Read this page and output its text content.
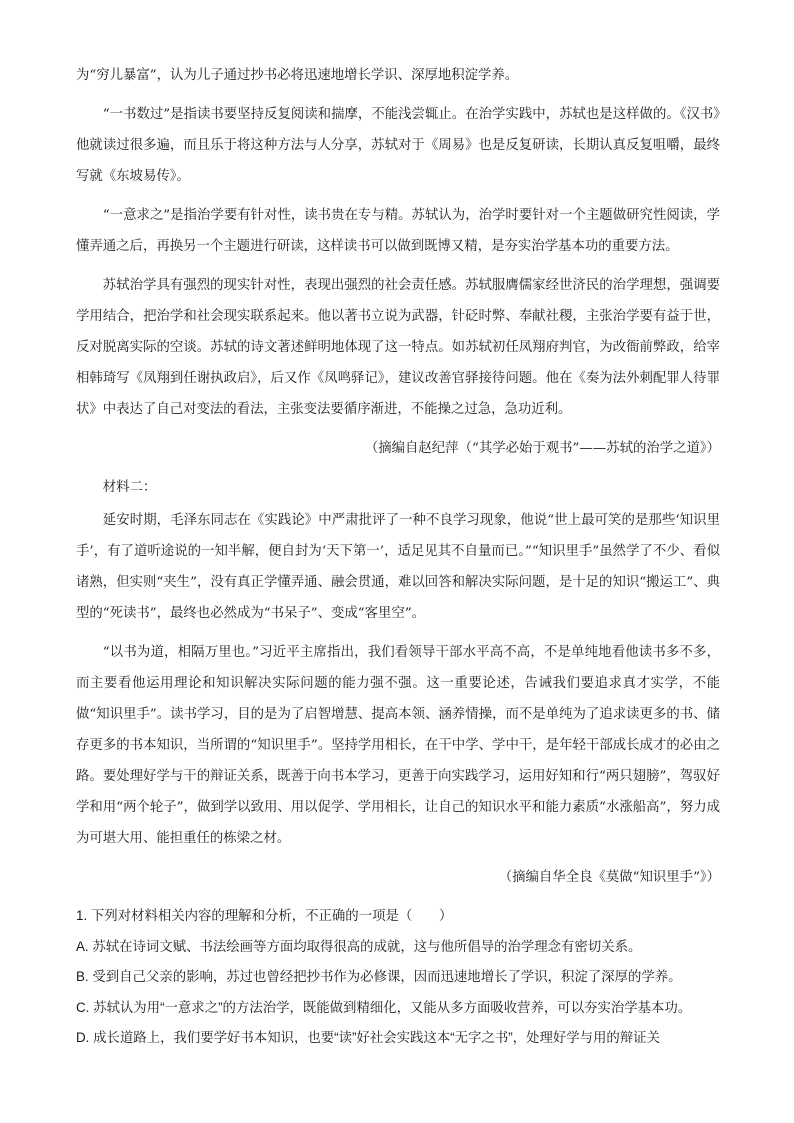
为“穷儿暴富”，认为儿子通过抄书必将迅速地增长学识、深厚地积淀学养。

“一书数过”是指读书要坚持反复阅读和揣摩，不能浅尝辄止。在治学实践中，苏轼也是这样做的。《汉书》他就读过很多遍，而且乐于将这种方法与人分享，苏轼对于《周易》也是反复研读，长期认真反复咀嚼，最终写就《东坡易传》。

“一意求之”是指治学要有针对性，读书贵在专与精。苏轼认为，治学时要针对一个主题做研究性阅读，学懂弄通之后，再换另一个主题进行研读，这样读书可以做到既博又精，是夯实治学基本功的重要方法。

苏轼治学具有强烈的现实针对性，表现出强烈的社会责任感。苏轼服膺儒家经世济民的治学理想，强调要学用结合，把治学和社会现实联系起来。他以著书立说为武器，针砭时弊、奉献社稷，主张治学要有益于世，反对脱离实际的空谈。苏轼的诗文著述鲜明地体现了这一特点。如苏轼初任凤翔府判官，为改衙前弊政，给宰相韩琦写《凤翔到任谢执政启》，后又作《凤鸣驿记》，建议改善官驿接待问题。他在《奏为法外刺配罪人待罪状》中表达了自己对变法的看法，主张变法要循序渐进，不能操之过急，急功近利。

（摘编自赵纪萍（“其学必始于观书”——苏轼的治学之道》）

材料二：

延安时期，毛泽东同志在《实践论》中严肃批评了一种不良学习现象，他说“世上最可笑的是那些‘知识里手’，有了道听途说的一知半解，便自封为‘天下第一’，适足见其不自量而已。”“知识里手”虽然学了不少、看似诸熟，但实则“夹生”，没有真正学懂弄通、融会贯通，难以回答和解决实际问题，是十足的知识“搬运工”、典型的“死读书”，最终也必然成为“书呆子”、变成“客里空”。

“以书为道，相隔万里也。”习近平主席指出，我们看领导干部水平高不高，不是单纯地看他读书多不多，而主要看他运用理论和知识解决实际问题的能力强不强。这一重要论述，告诫我们要追求真才实学，不能做“知识里手”。读书学习，目的是为了启智增慧、提高本领、涵养情操，而不是单纯为了追求读更多的书、储存更多的书本知识，当所谓的“知识里手”。坚持学用相长，在干中学、学中干，是年轻干部成长成才的必由之路。要处理好学与干的辩证关系，既善于向书本学习，更善于向实践学习，运用好知和行“两只翅膀”，驾驭好学和用“两个轮子”，做到学以致用、用以促学、学用相长，让自己的知识水平和能力素质“水涨船高”，努力成为可堪大用、能担重任的栋梁之材。

（摘编自华全良《莫做“知识里手”》）

1. 下列对材料相关内容的理解和分析，不正确的一项是（　　）

A. 苏轼在诗词文赋、书法绘画等方面均取得很高的成就，这与他所倡导的治学理念有密切关系。

B. 受到自己父亲的影响，苏过也曾经把抄书作为必修课，因而迅速地增长了学识，积淀了深厚的学养。

C. 苏轼认为用“一意求之”的方法治学，既能做到精细化，又能从多方面吸收营养，可以夯实治学基本功。

D. 成长道路上，我们要学好书本知识，也要“读”好社会实践这本“无字之书”，处理好学与用的辩证关
